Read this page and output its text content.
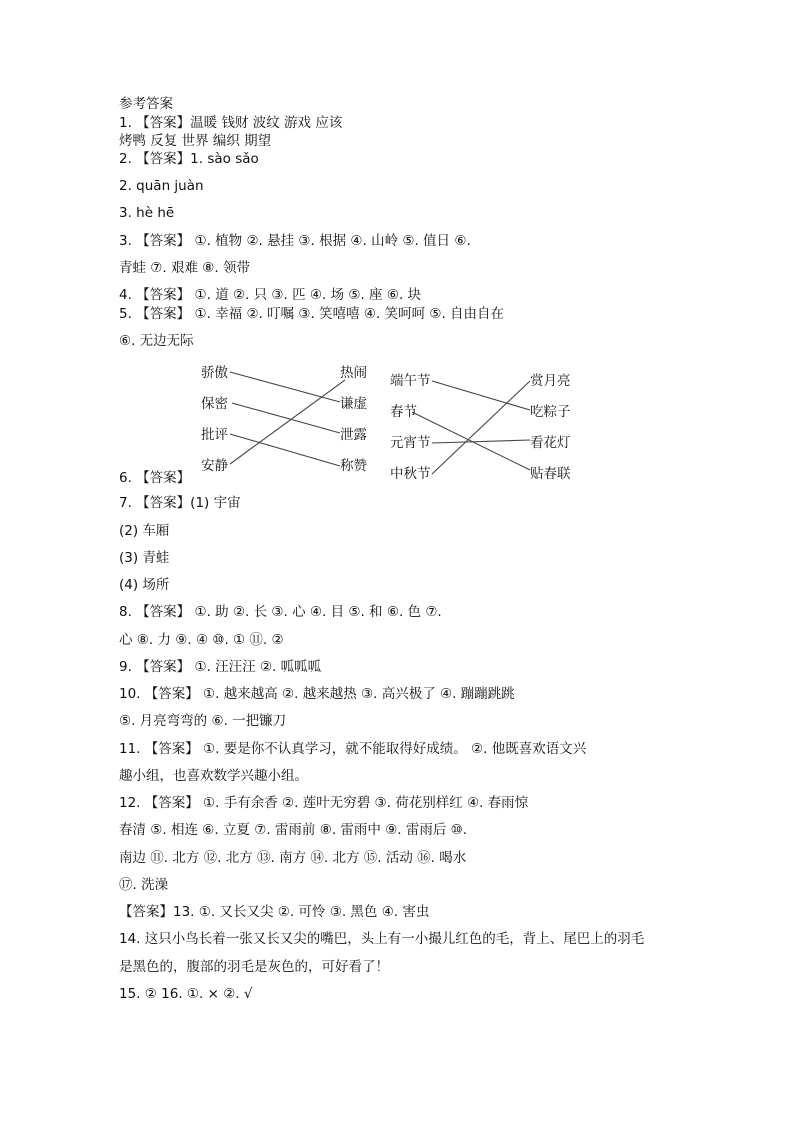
参考答案
1. 【答案】温暖 钱财 波纹 游戏 应该
烤鸭 反复 世界 编织 期望
2. 【答案】1. sào sǎo
2. quān juàn
3. hè hē
3. 【答案】 ①. 植物 ②. 悬挂 ③. 根据 ④. 山岭 ⑤. 值日 ⑥.
青蛙 ⑦. 艰难 ⑧. 领带
4. 【答案】 ①. 道 ②. 只 ③. 匹 ④. 场 ⑤. 座 ⑥. 块
5. 【答案】 ①. 幸福 ②. 叮嘱 ③. 笑嘻嘻 ④. 笑呵呵 ⑤. 自由自在
⑥. 无边无际
骄傲
保密
批评
安静
热闹
谦虚
泄露
称赞
端午节
春节
元宵节
中秋节
赏月亮
吃粽子
看花灯
贴春联
6. 【答案】
7. 【答案】(1) 宇宙
(2) 车厢
(3) 青蛙
(4) 场所
8. 【答案】 ①. 助 ②. 长 ③. 心 ④. 目 ⑤. 和 ⑥. 色 ⑦.
心 ⑧. 力 ⑨. ④ ⑩. ① ⑪. ②
9. 【答案】 ①. 汪汪汪 ②. 呱呱呱
10. 【答案】 ①. 越来越高 ②. 越来越热 ③. 高兴极了 ④. 蹦蹦跳跳
⑤. 月亮弯弯的 ⑥. 一把镰刀
11. 【答案】 ①. 要是你不认真学习，就不能取得好成绩。 ②. 他既喜欢语文兴
趣小组，也喜欢数学兴趣小组。
12. 【答案】 ①. 手有余香 ②. 莲叶无穷碧 ③. 荷花别样红 ④. 春雨惊
春清 ⑤. 相连 ⑥. 立夏 ⑦. 雷雨前 ⑧. 雷雨中 ⑨. 雷雨后 ⑩.
南边 ⑪. 北方 ⑫. 北方 ⑬. 南方 ⑭. 北方 ⑮. 活动 ⑯. 喝水
⑰. 洗澡
【答案】13. ①. 又长又尖 ②. 可怜 ③. 黑色 ④. 害虫
14. 这只小鸟长着一张又长又尖的嘴巴，头上有一小撮儿红色的毛，背上、尾巴上的羽毛
是黑色的，腹部的羽毛是灰色的，可好看了！
15. ② 16. ①. × ②. √
